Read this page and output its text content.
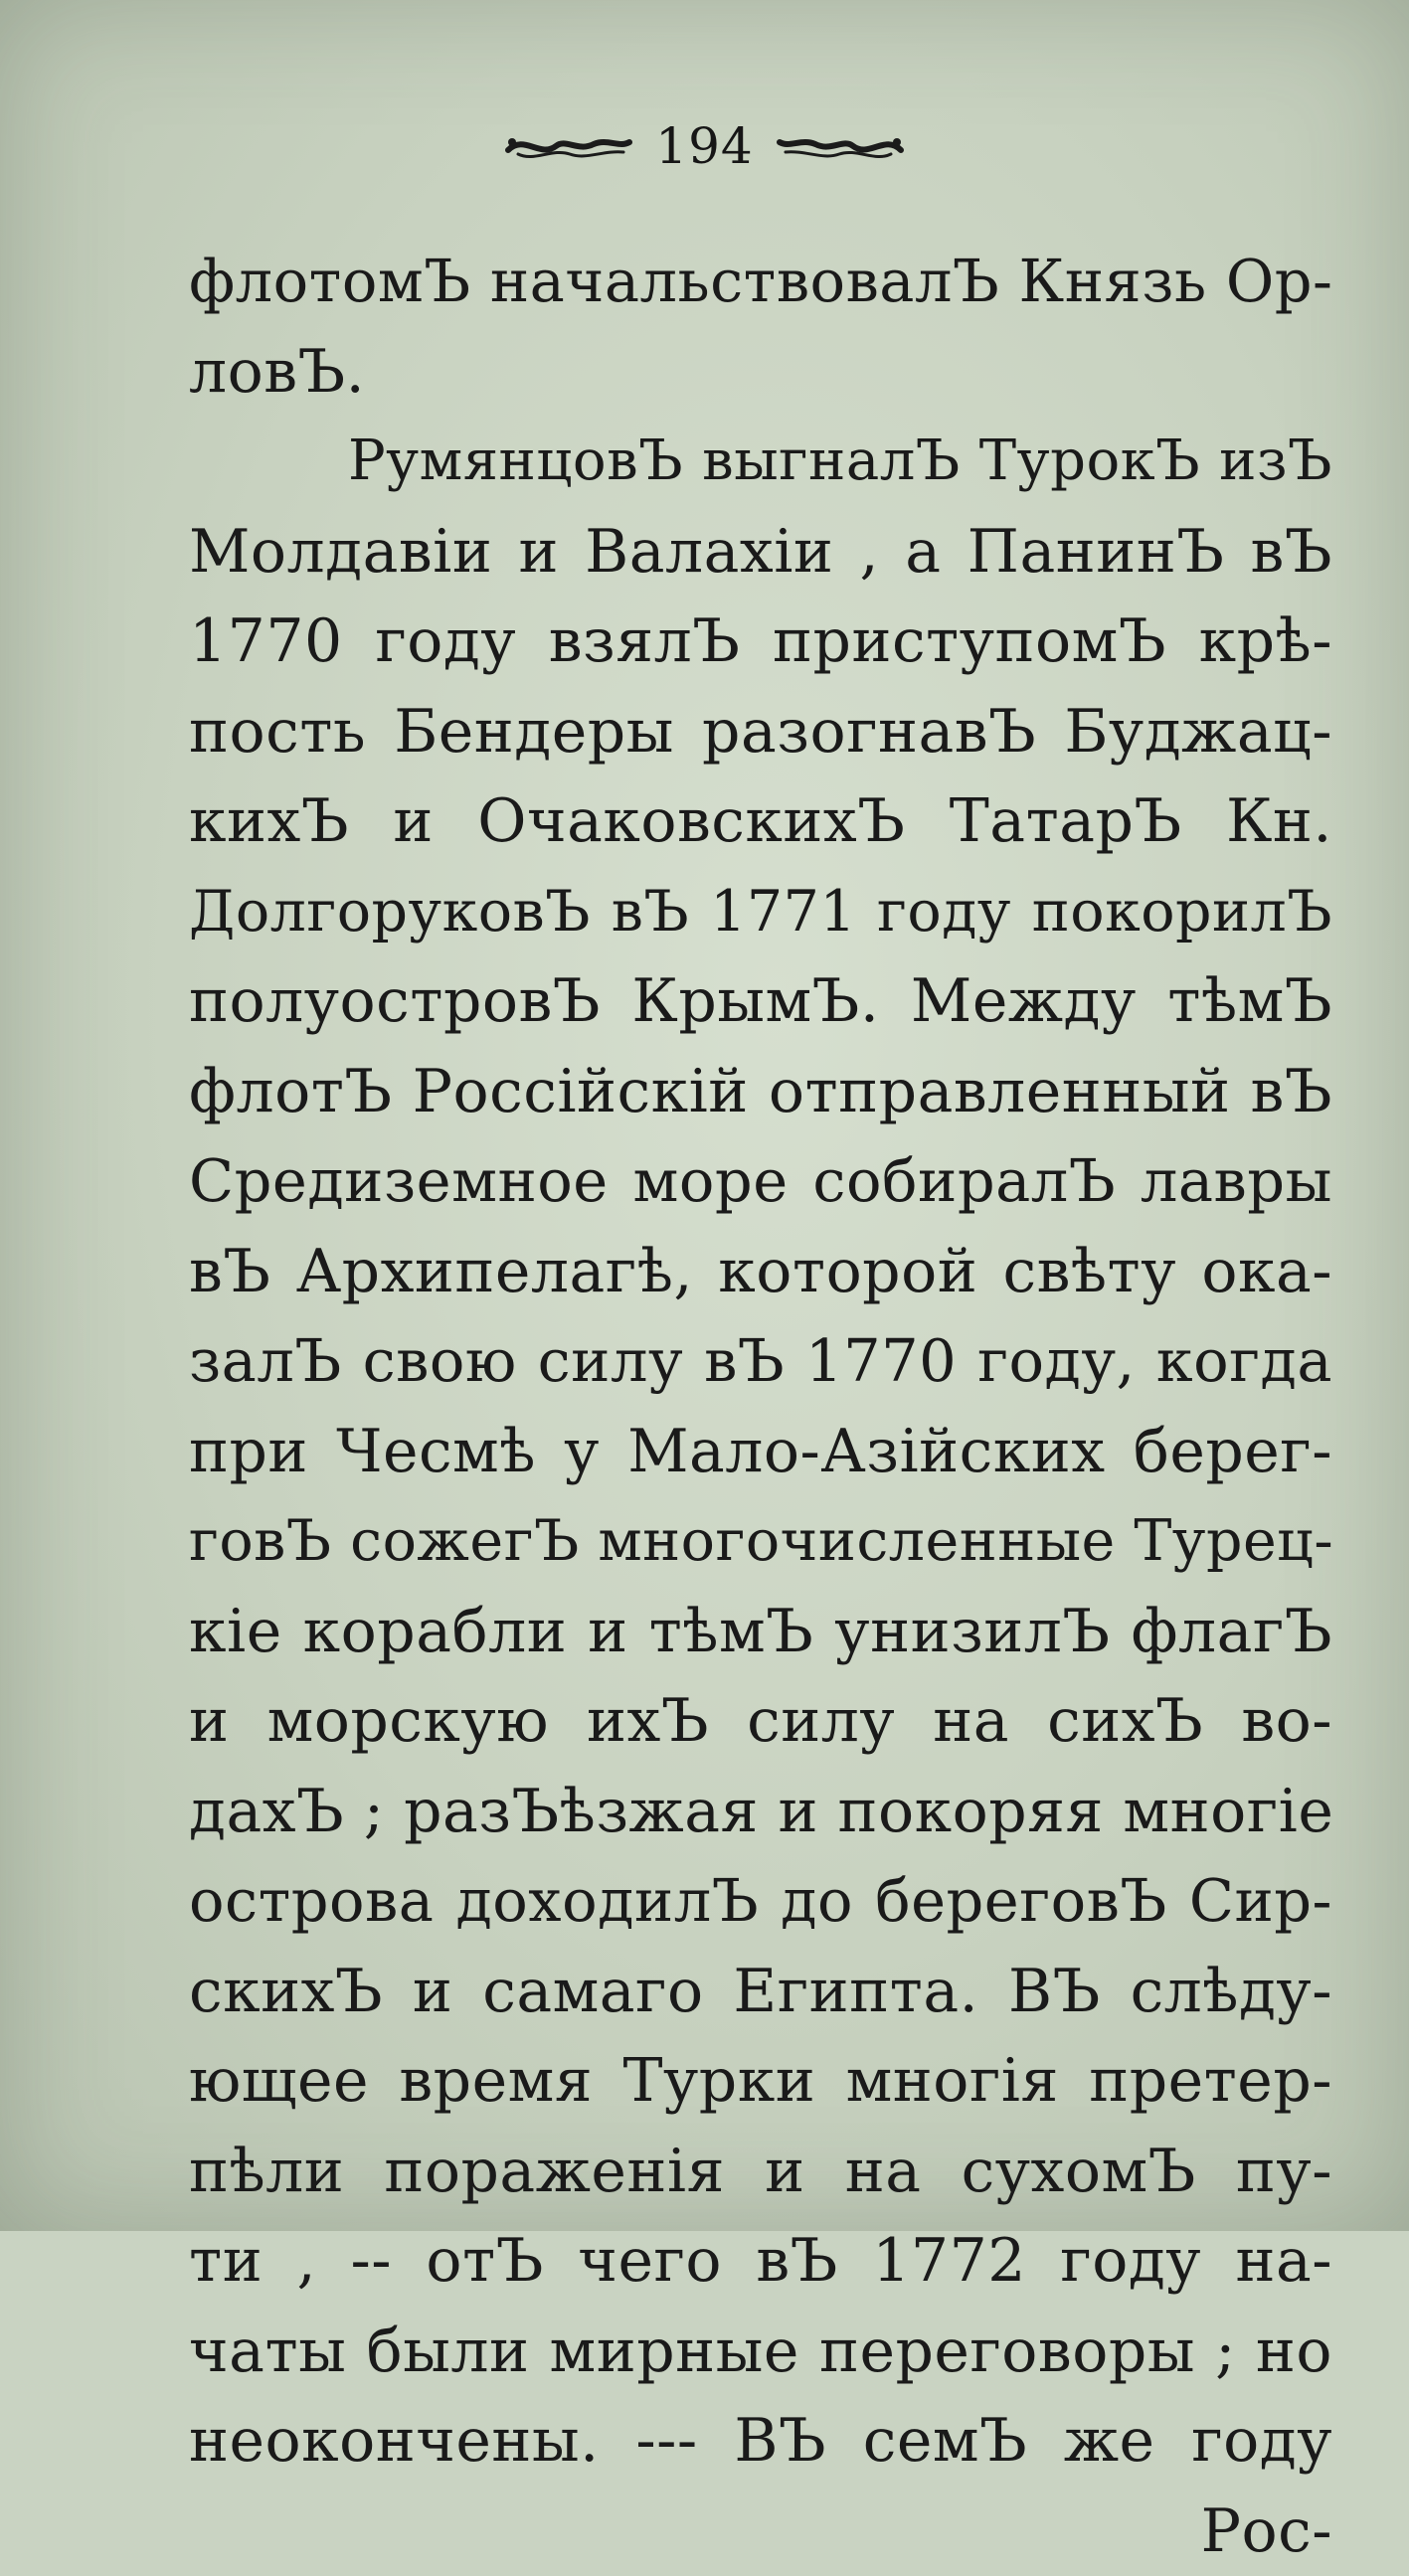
194
флотомЪ начальствовалЪ Князь Ор-
ловЪ.
РумянцовЪ выгналЪ ТурокЪ изЪ
Молдавіи и Валахіи , а ПанинЪ вЪ
1770 году взялЪ приступомЪ крѣ-
пость Бендеры разогнавЪ Буджац-
кихЪ и ОчаковскихЪ ТатарЪ Кн.
ДолгоруковЪ вЪ 1771 году покорилЪ
полуостровЪ КрымЪ. Между тѣмЪ
флотЪ Россійскій отправленный вЪ
Средиземное море собиралЪ лавры
вЪ Архипелагѣ, которой свѣту ока-
залЪ свою силу вЪ 1770 году, когда
при Чесмѣ у Мало-Азійских берег-
говЪ сожегЪ многочисленные Турец-
кіе корабли и тѣмЪ унизилЪ флагЪ
и морскую ихЪ силу на сихЪ во-
дахЪ ; разЪѣзжая и покоряя многіе
острова доходилЪ до береговЪ Сир-
скихЪ и самаго Египта. ВЪ слѣду-
ющее время Турки многія претер-
пѣли пораженія и на сухомЪ пу-
ти , -- отЪ чего вЪ 1772 году на-
чаты были мирные переговоры ; но
неокончены. --- ВЪ семЪ же году
Рос-
